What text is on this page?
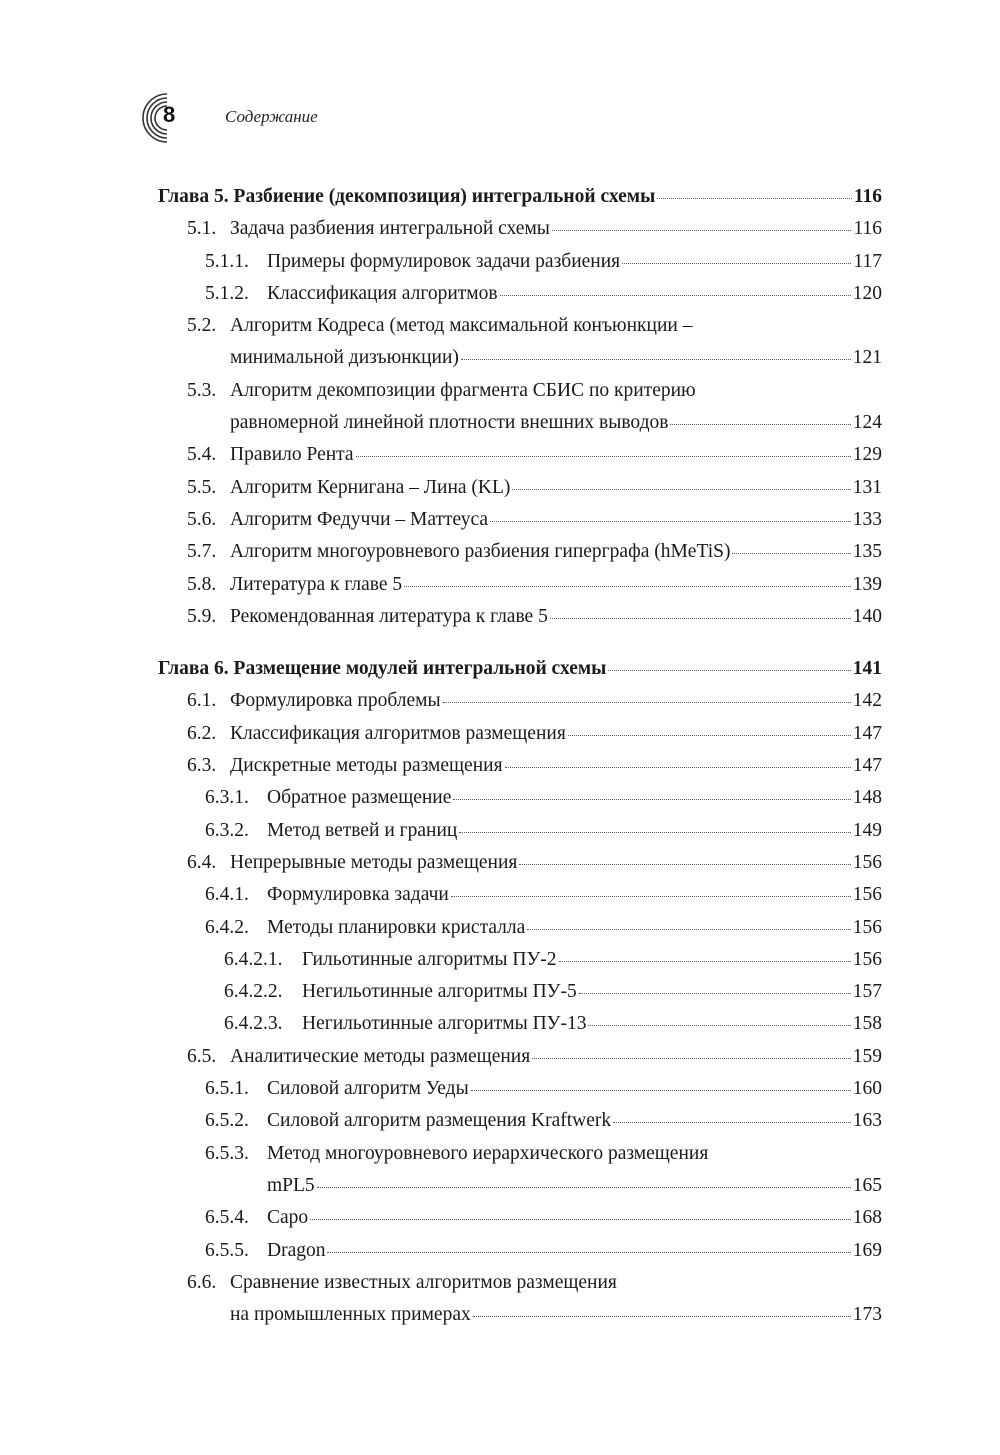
8	Содержание
Глава 5. Разбиение (декомпозиция) интегральной схемы	116
5.1. Задача разбиения интегральной схемы	116
5.1.1. Примеры формулировок задачи разбиения	117
5.1.2. Классификация алгоритмов	120
5.2. Алгоритм Кодреса (метод максимальной конъюнкции –
минимальной дизъюнкции)	121
5.3. Алгоритм декомпозиции фрагмента СБИС по критерию
равномерной линейной плотности внешних выводов	124
5.4. Правило Рента	129
5.5. Алгоритм Кернигана – Лина (KL)	131
5.6. Алгоритм Федуччи – Маттеуса	133
5.7. Алгоритм многоуровневого разбиения гиперграфа (hMeTiS)	135
5.8. Литература к главе 5	139
5.9. Рекомендованная литература к главе 5	140
Глава 6. Размещение модулей интегральной схемы	141
6.1. Формулировка проблемы	142
6.2. Классификация алгоритмов размещения	147
6.3. Дискретные методы размещения	147
6.3.1. Обратное размещение	148
6.3.2. Метод ветвей и границ	149
6.4. Непрерывные методы размещения	156
6.4.1. Формулировка задачи	156
6.4.2. Методы планировки кристалла	156
6.4.2.1. Гильотинные алгоритмы ПУ-2	156
6.4.2.2. Негильотинные алгоритмы ПУ-5	157
6.4.2.3. Негильотинные алгоритмы ПУ-13	158
6.5. Аналитические методы размещения	159
6.5.1. Силовой алгоритм Уеды	160
6.5.2. Силовой алгоритм размещения Kraftwerk	163
6.5.3. Метод многоуровневого иерархического размещения
mPL5	165
6.5.4. Capo	168
6.5.5. Dragon	169
6.6. Сравнение известных алгоритмов размещения
на промышленных примерах	173
